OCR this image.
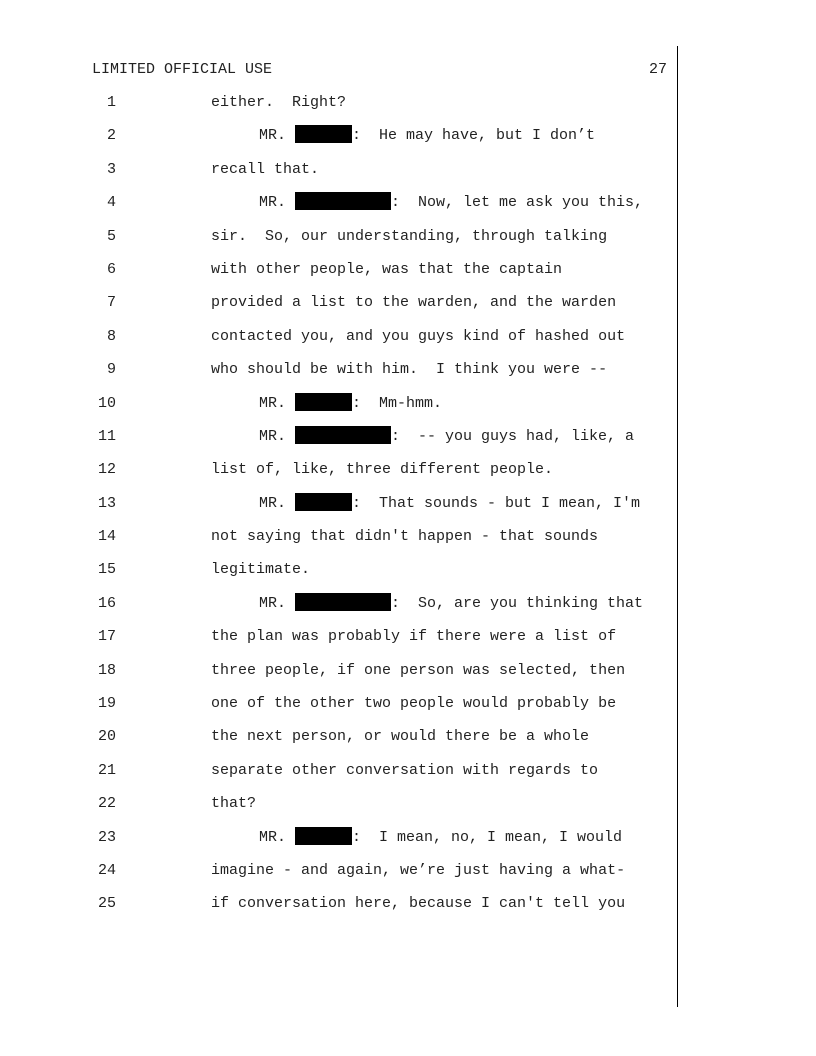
LIMITED OFFICIAL USE	27
1	either.  Right?
2	MR.	:  He may have, but I don’t
3	recall that.
4	MR.	:  Now, let me ask you this,
5	sir.  So, our understanding, through talking
6	with other people, was that the captain
7	provided a list to the warden, and the warden
8	contacted you, and you guys kind of hashed out
9	who should be with him.  I think you were --
10	MR.	:  Mm-hmm.
11	MR.	:  -- you guys had, like, a
12	list of, like, three different people.
13	MR.	:  That sounds - but I mean, I'm
14	not saying that didn't happen - that sounds
15	legitimate.
16	MR.	:  So, are you thinking that
17	the plan was probably if there were a list of
18	three people, if one person was selected, then
19	one of the other two people would probably be
20	the next person, or would there be a whole
21	separate other conversation with regards to
22	that?
23	MR.	:  I mean, no, I mean, I would
24	imagine - and again, we’re just having a what-
25	if conversation here, because I can't tell you
